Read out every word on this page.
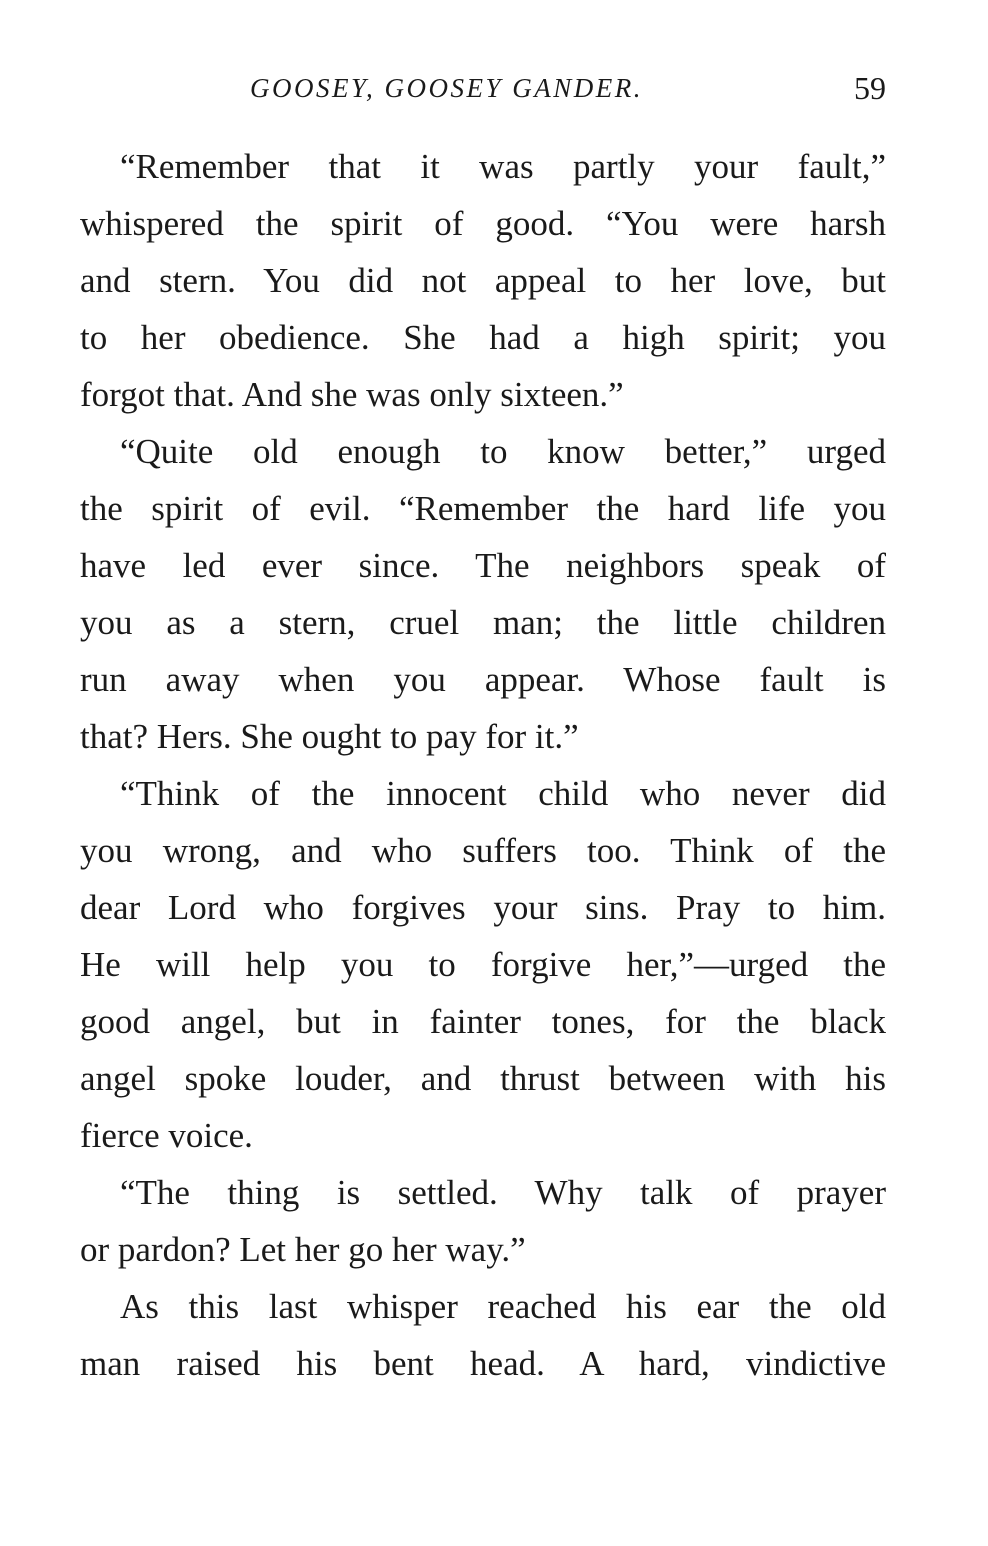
GOOSEY, GOOSEY GANDER.	59
“Remember that it was partly your fault,”
whispered the spirit of good. “You were harsh
and stern. You did not appeal to her love, but
to her obedience. She had a high spirit; you
forgot that. And she was only sixteen.”
“Quite old enough to know better,” urged
the spirit of evil. “Remember the hard life you
have led ever since. The neighbors speak of
you as a stern, cruel man; the little children
run away when you appear. Whose fault is
that? Hers. She ought to pay for it.”
“Think of the innocent child who never did
you wrong, and who suffers too. Think of the
dear Lord who forgives your sins. Pray to him.
He will help you to forgive her,”—urged the
good angel, but in fainter tones, for the black
angel spoke louder, and thrust between with his
fierce voice.
“The thing is settled. Why talk of prayer
or pardon? Let her go her way.”
As this last whisper reached his ear the old
man raised his bent head. A hard, vindictive
